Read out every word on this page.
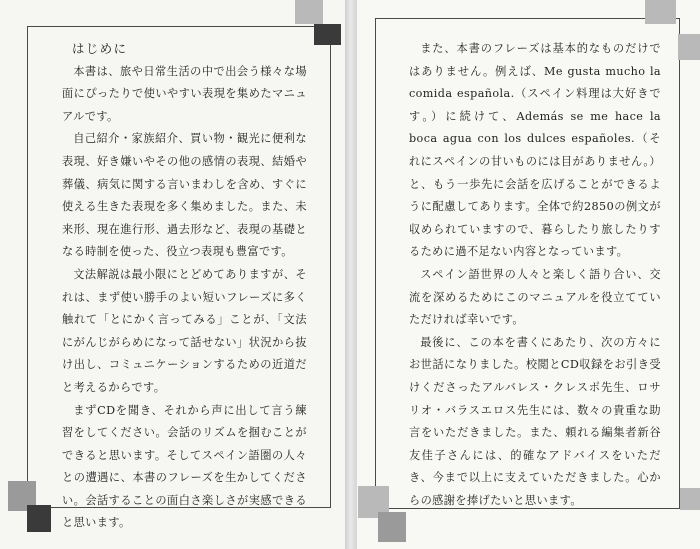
はじめに

本書は、旅や日常生活の中で出会う様々な場面にぴったりで使いやすい表現を集めたマニュアルです。

自己紹介・家族紹介、買い物・観光に便利な表現、好き嫌いやその他の感情の表現、結婚や葬儀、病気に関する言いまわしを含め、すぐに使える生きた表現を多く集めました。また、未来形、現在進行形、過去形など、表現の基礎となる時制を使った、役立つ表現も豊富です。

文法解説は最小限にとどめてありますが、それは、まず使い勝手のよい短いフレーズに多く触れて「とにかく言ってみる」ことが、「文法にがんじがらめになって話せない」状況から抜け出し、コミュニケーションするための近道だと考えるからです。

まずCDを聞き、それから声に出して言う練習をしてください。会話のリズムを掴むことができると思います。そしてスペイン語圏の人々との遭遇に、本書のフレーズを生かしてください。会話することの面白さ楽しさが実感できると思います。

また、本書のフレーズは基本的なものだけではありません。例えば、Me gusta mucho la comida española.（スペイン料理は大好きです。）に続けて、Además se me hace la boca agua con los dulces españoles.（それにスペインの甘いものには目がありません。）と、もう一歩先に会話を広げることができるように配慮してあります。全体で約2850の例文が収められていますので、暮らしたり旅したりするために過不足ない内容となっています。

スペイン語世界の人々と楽しく語り合い、交流を深めるためにこのマニュアルを役立てていただければ幸いです。

最後に、この本を書くにあたり、次の方々にお世話になりました。校閲とCD収録をお引き受けくださったアルバレス・クレスポ先生、ロサリオ・バラスエロス先生には、数々の貴重な助言をいただきました。また、頼れる編集者新谷友佳子さんには、的確なアドバイスをいただき、今まで以上に支えていただきました。心からの感謝を捧げたいと思います。
